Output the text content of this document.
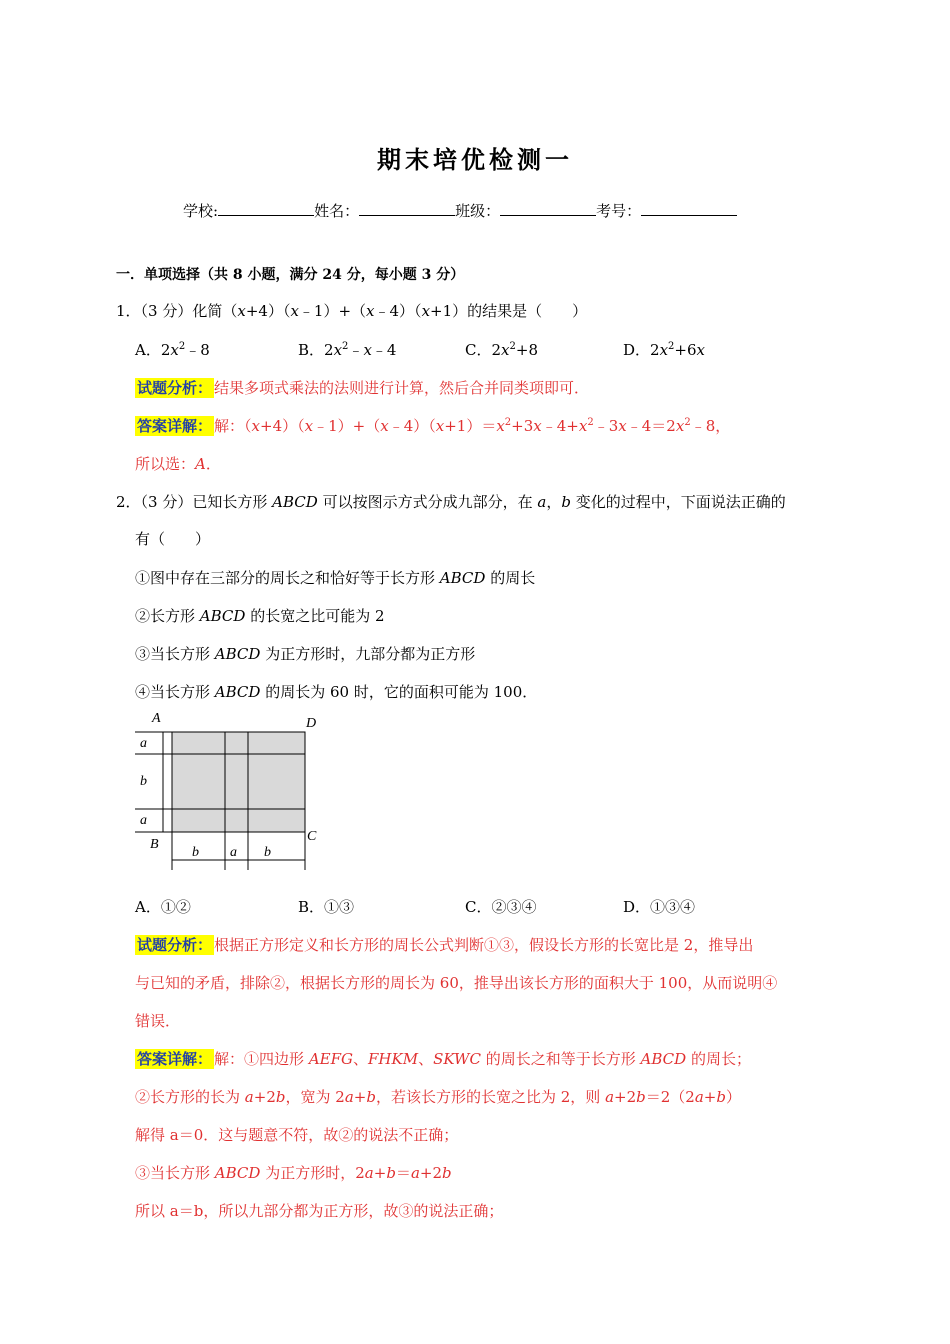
期末培优检测一
学校:	姓名：	班级：	考号：
一．单项选择（共 8 小题，满分 24 分，每小题 3 分）
1．（3 分）化简（x+4）（x﹣1）+（x﹣4）（x+1）的结果是（　　）
A．$2x^2﹣8$	B．$2x^2﹣x﹣4$	C．$2x^2+8$	D．$2x^2+6x$
试题分析： 结果多项式乘法的法则进行计算，然后合并同类项即可．
答案详解： 解：$(x+4)(x﹣1)+(x﹣4)(x+1)=x^2+3x﹣4+x^2﹣3x﹣4=2x^2﹣8$，
所以选：A．
2．（3 分）已知长方形 ABCD 可以按图示方式分成九部分，在 a，b 变化的过程中，下面说法正确的
有（　　）
①图中存在三部分的周长之和恰好等于长方形 ABCD 的周长
②长方形 ABCD 的长宽之比可能为 2
③当长方形 ABCD 为正方形时，九部分都为正方形
④当长方形 ABCD 的周长为 60 时，它的面积可能为 100．
A	D
B
C
a
b
a
b a b
A．①②	B．①③	C．②③④	D．①③④
试题分析： 根据正方形定义和长方形的周长公式判断①③，假设长方形的长宽比是 2，推导出
与已知的矛盾，排除②，根据长方形的周长为 60，推导出该长方形的面积大于 100，从而说明④
错误．
答案详解： 解：①四边形 AEFG、FHKM、SKWC 的周长之和等于长方形 ABCD 的周长；
②长方形的长为 a+2b，宽为 2a+b，若该长方形的长宽之比为 2，则 a+2b＝2（2a+b）
解得 a＝0．这与题意不符，故②的说法不正确；
③当长方形 ABCD 为正方形时，2a+b＝a+2b
所以 a＝b，所以九部分都为正方形，故③的说法正确；
